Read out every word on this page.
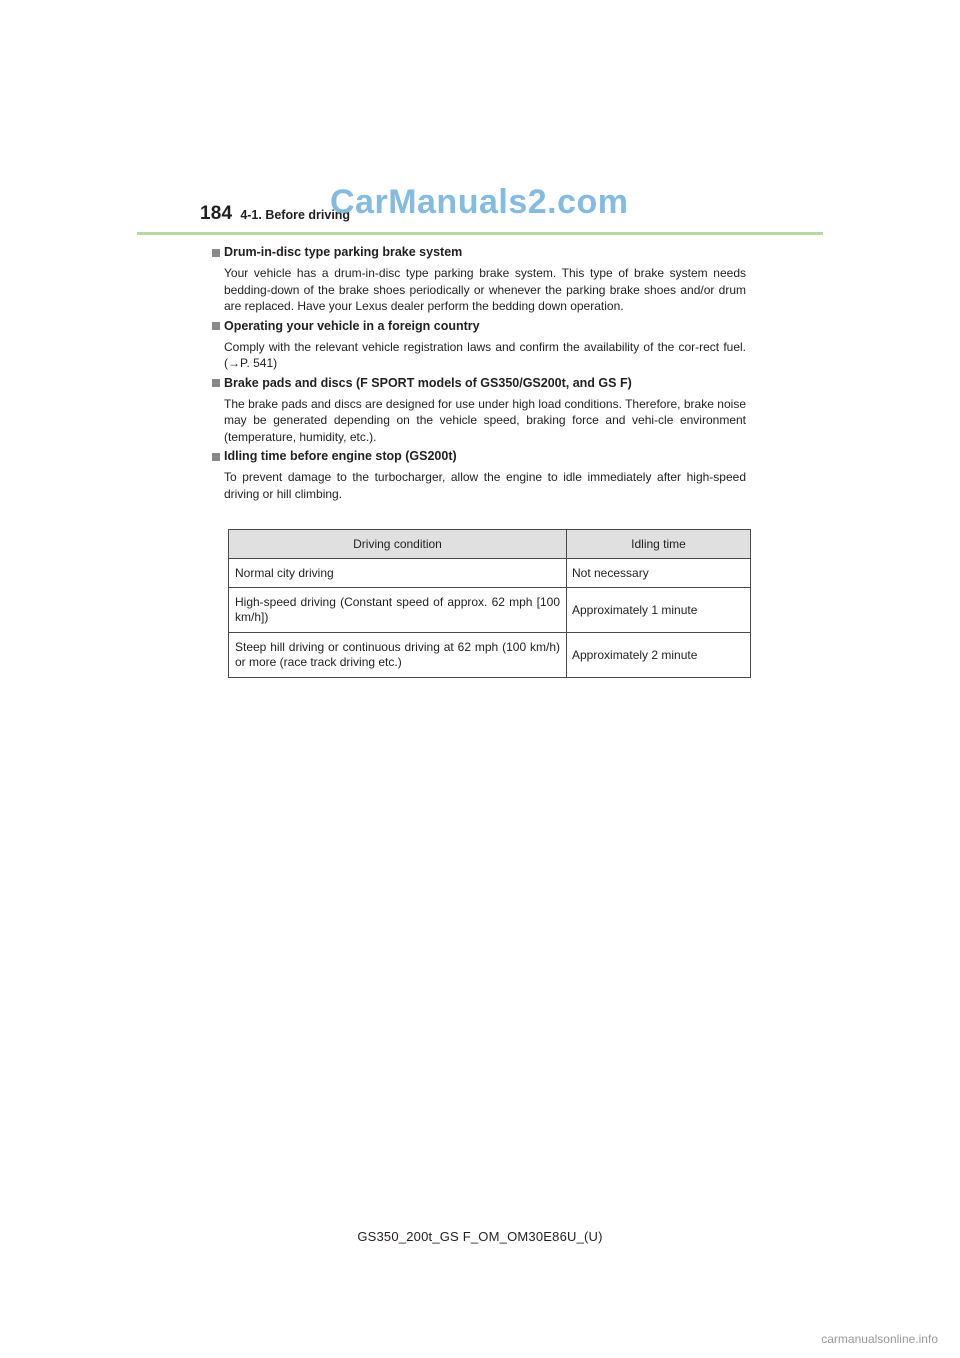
184 4-1. Before driving
CarManuals2.com
Drum-in-disc type parking brake system
Your vehicle has a drum-in-disc type parking brake system. This type of brake system needs bedding-down of the brake shoes periodically or whenever the parking brake shoes and/or drum are replaced. Have your Lexus dealer perform the bedding down operation.
Operating your vehicle in a foreign country
Comply with the relevant vehicle registration laws and confirm the availability of the cor-rect fuel. (→P. 541)
Brake pads and discs (F SPORT models of GS350/GS200t, and GS F)
The brake pads and discs are designed for use under high load conditions. Therefore, brake noise may be generated depending on the vehicle speed, braking force and vehi-cle environment (temperature, humidity, etc.).
Idling time before engine stop (GS200t)
To prevent damage to the turbocharger, allow the engine to idle immediately after high-speed driving or hill climbing.
Driving condition	Idling time
Normal city driving	Not necessary
High-speed driving (Constant speed of approx. 62 mph [100 km/h])	Approximately 1 minute
Steep hill driving or continuous driving at 62 mph (100 km/h) or more (race track driving etc.)	Approximately 2 minute
GS350_200t_GS F_OM_OM30E86U_(U)
carmanualsonline.info
